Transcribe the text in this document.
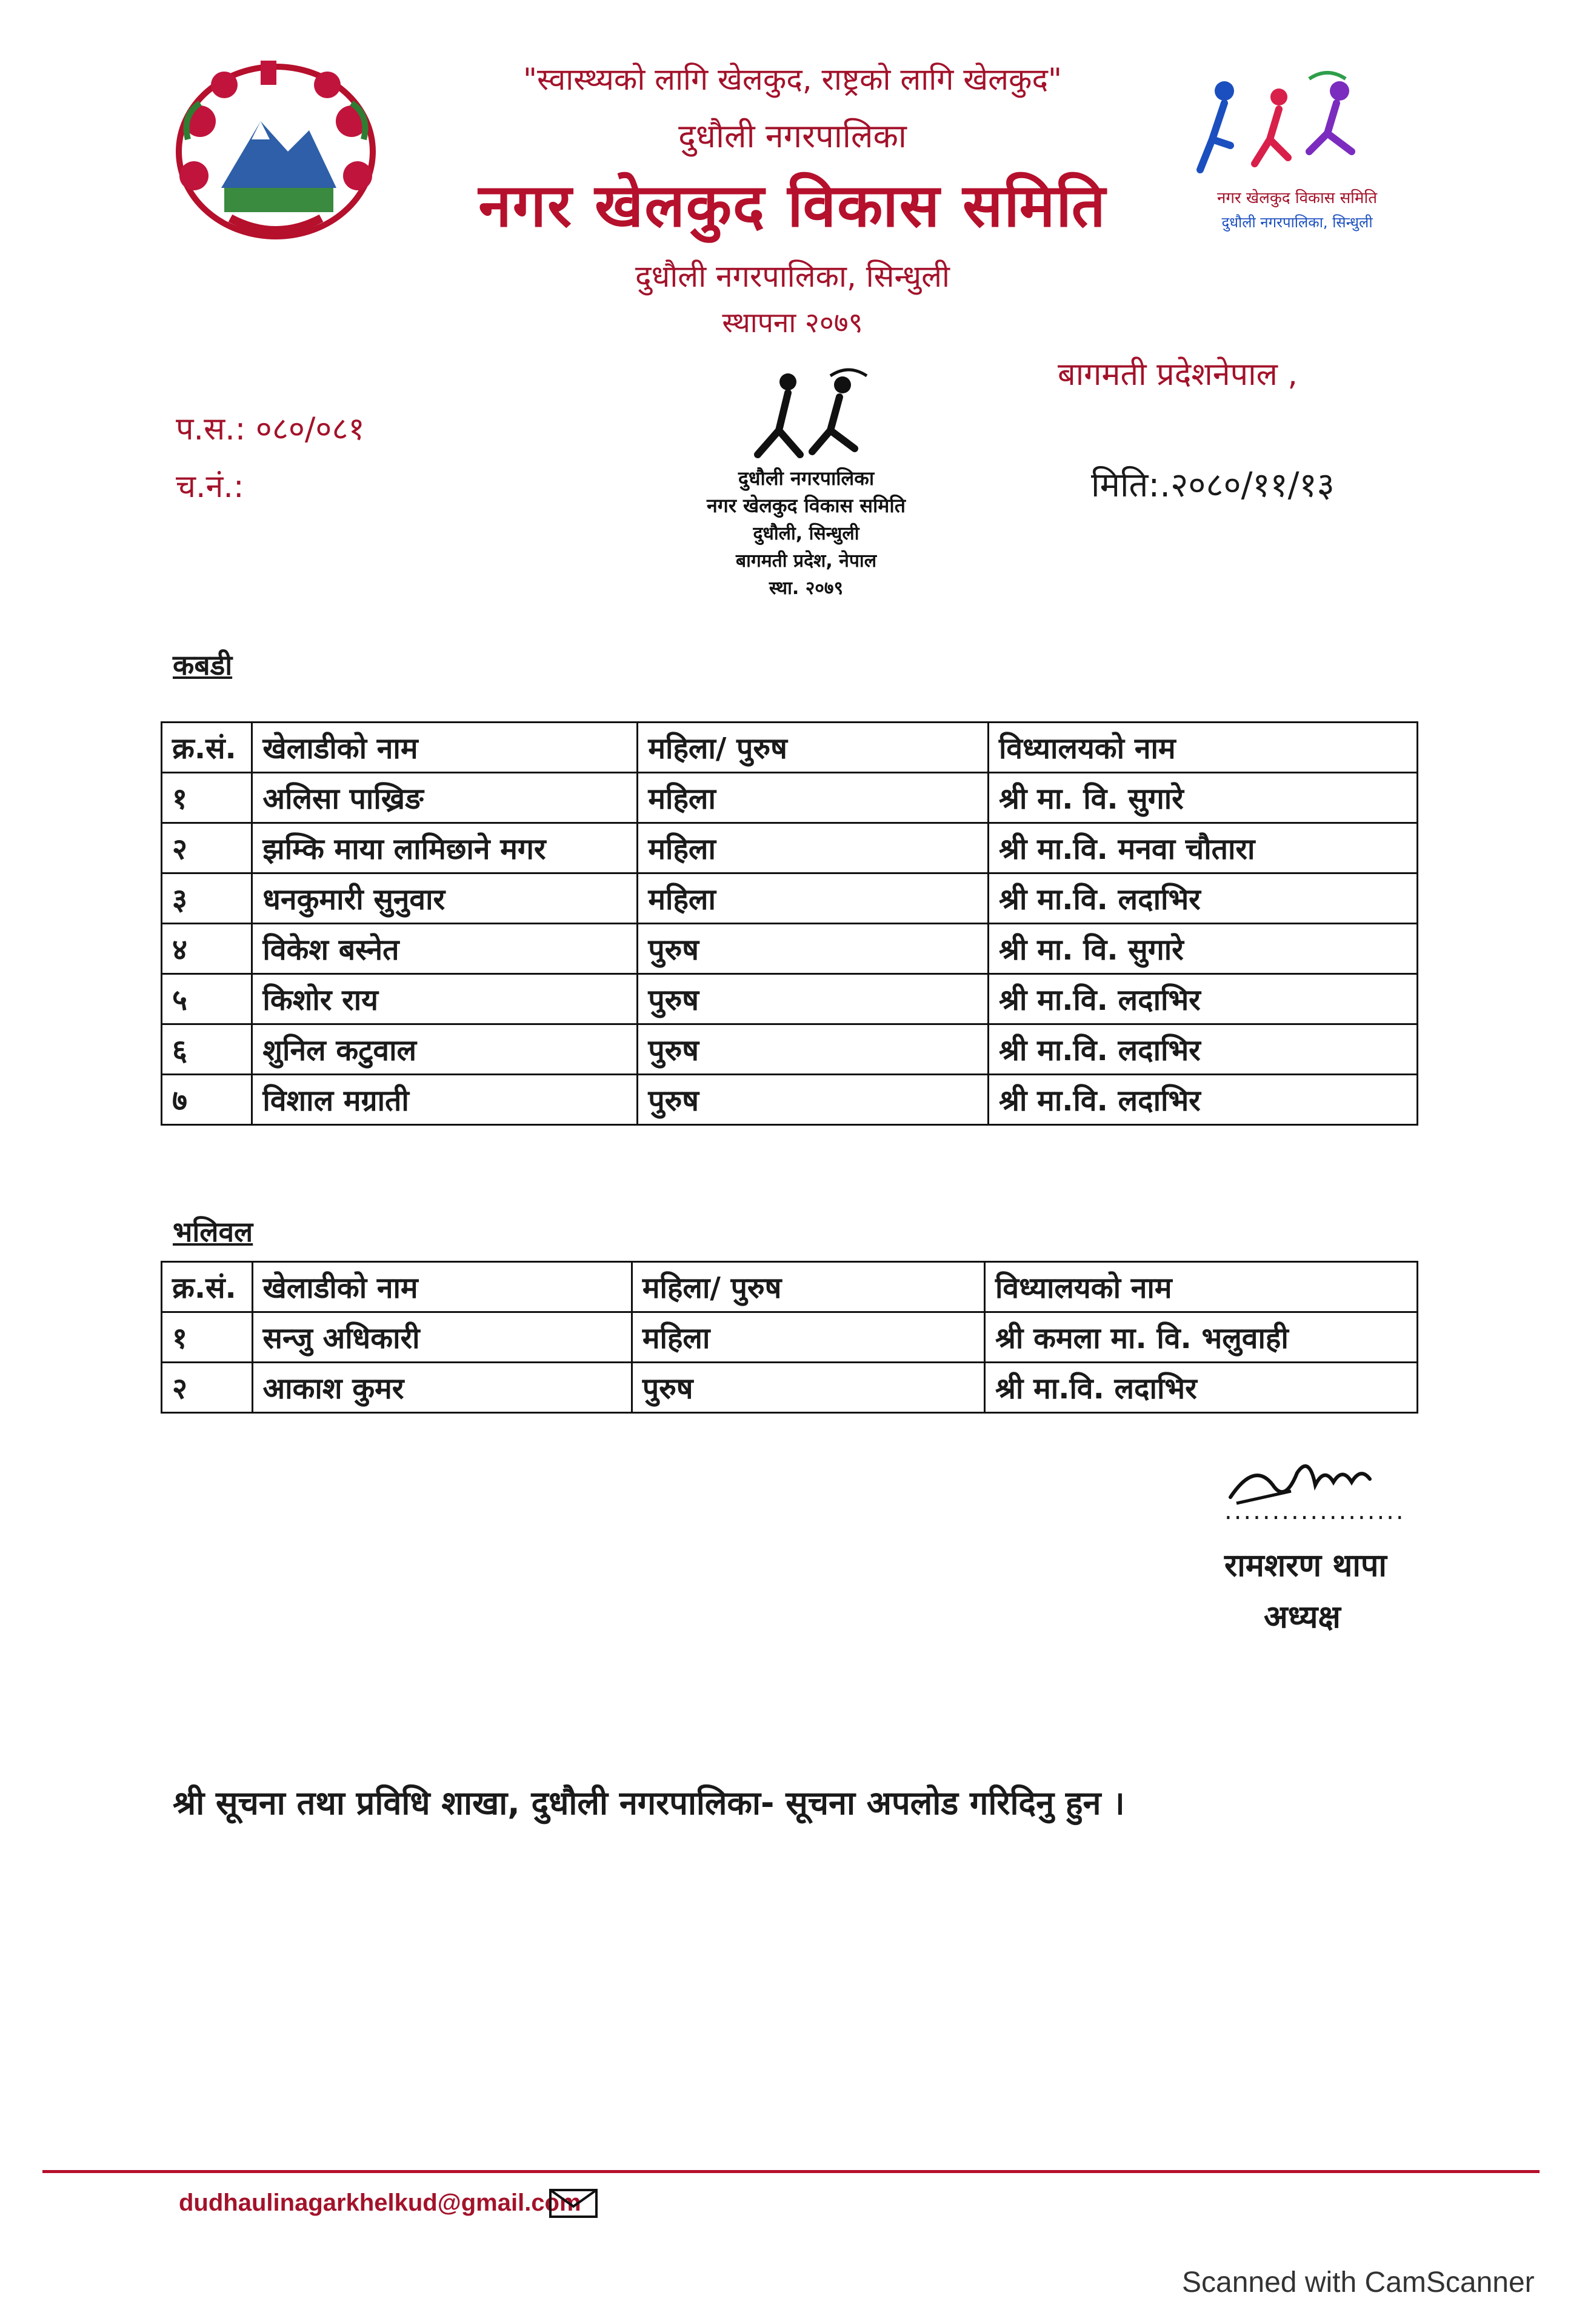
नगर खेलकुद विकास समिति
दुधौली नगरपालिका, सिन्धुली
"स्वास्थ्यको लागि खेलकुद, राष्ट्रको लागि खेलकुद"
दुधौली नगरपालिका
नगर खेलकुद विकास समिति
दुधौली नगरपालिका, सिन्धुली
स्थापना २०७९
बागमती प्रदेशनेपाल ,
प.स.: ०८०/०८१
च.नं.:	मिति:.२०८०/११/१३
दुधौली नगरपालिका
नगर खेलकुद विकास समिति
दुधौली, सिन्धुली
बागमती प्रदेश, नेपाल
स्था. २०७९
कबडी
क्र.सं.	खेलाडीको नाम	महिला/ पुरुष	विध्यालयको नाम
१	अलिसा पाख्रिङ	महिला	श्री मा. वि. सुगारे
२	झम्कि माया लामिछाने मगर	महिला	श्री मा.वि. मनवा चौतारा
३	धनकुमारी सुनुवार	महिला	श्री मा.वि. लदाभिर
४	विकेश बस्नेत	पुरुष	श्री मा. वि. सुगारे
५	किशोर राय	पुरुष	श्री मा.वि. लदाभिर
६	शुनिल कटुवाल	पुरुष	श्री मा.वि. लदाभिर
७	विशाल मग्राती	पुरुष	श्री मा.वि. लदाभिर
भलिवल
क्र.सं.	खेलाडीको नाम	महिला/ पुरुष	विध्यालयको नाम
१	सन्जु अधिकारी	महिला	श्री कमला मा. वि. भलुवाही
२	आकाश कुमर	पुरुष	श्री मा.वि. लदाभिर
...................
रामशरण थापा
अध्यक्ष
श्री सूचना तथा प्रविधि शाखा, दुधौली नगरपालिका- सूचना अपलोड गरिदिनु हुन ।
dudhaulinagarkhelkud@gmail.com
Scanned with CamScanner
